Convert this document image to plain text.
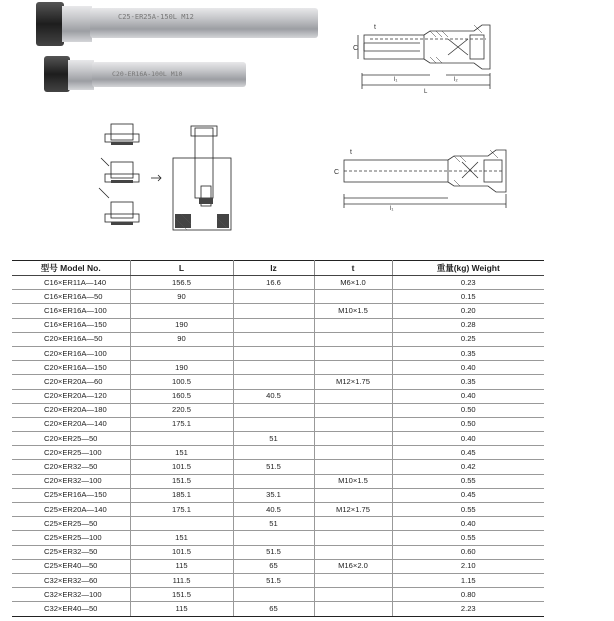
C25-ER25A-150L M12
C20-ER16A-100L M10
C
t
l₁	l₂
L
C
t
l₁
型号 Model No.	L	lz	t	重量(kg) Weight
C16×ER11A—140	156.5	16.6	M6×1.0	0.23
C16×ER16A—50	90			0.15
C16×ER16A—100			M10×1.5	0.20
C16×ER16A—150	190			0.28
C20×ER16A—50	90			0.25
C20×ER16A—100				0.35
C20×ER16A—150	190			0.40
C20×ER20A—60	100.5		M12×1.75	0.35
C20×ER20A—120	160.5	40.5		0.40
C20×ER20A—180	220.5			0.50
C20×ER20A—140	175.1			0.50
C20×ER25—50		51		0.40
C20×ER25—100	151			0.45
C20×ER32—50	101.5	51.5		0.42
C20×ER32—100	151.5		M10×1.5	0.55
C25×ER16A—150	185.1	35.1		0.45
C25×ER20A—140	175.1	40.5	M12×1.75	0.55
C25×ER25—50		51		0.40
C25×ER25—100	151			0.55
C25×ER32—50	101.5	51.5		0.60
C25×ER40—50	115	65	M16×2.0	2.10
C32×ER32—60	111.5	51.5		1.15
C32×ER32—100	151.5			0.80
C32×ER40—50	115	65		2.23
